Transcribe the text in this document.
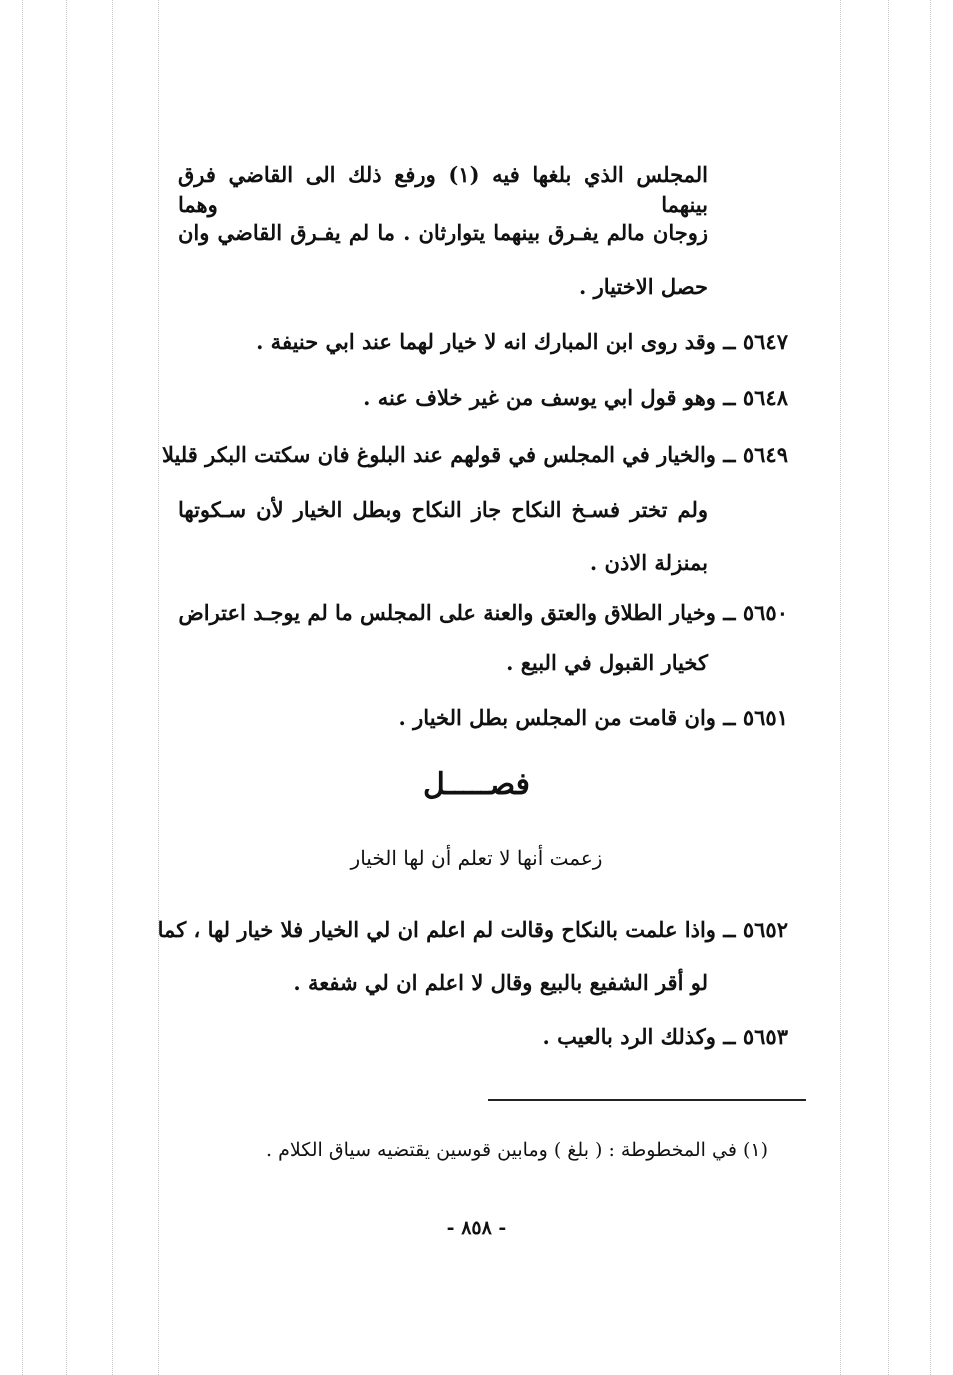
المجلس الذي بلغها فيه (١) ورفع ذلك الى القاضي فرق بينهما وهما
زوجان مالم يفـرق بينهما يتوارثان . ما لم يفـرق القاضي وان
حصل الاختيار .
٥٦٤٧ ــ وقد روى ابن المبارك انه لا خيار لهما عند ابي حنيفة .
٥٦٤٨ ــ وهو قول ابي يوسف من غير خلاف عنه .
٥٦٤٩ ــ والخيار في المجلس في قولهم عند البلوغ فان سكتت البكر قليلا
ولم تختر فسـخ النكاح جاز النكاح وبطل الخيار لأن سـكوتها
بمنزلة الاذن .
٥٦٥٠ ــ وخيار الطلاق والعتق والعنة على المجلس ما لم يوجـد اعتراض
كخيار القبول في البيع .
٥٦٥١ ــ وان قامت من المجلس بطل الخيار .
فصـــــل
زعمت أنها لا تعلم أن لها الخيار
٥٦٥٢ ــ واذا علمت بالنكاح وقالت لم اعلم ان لي الخيار فلا خيار لها ، كما
لو أقر الشفيع بالبيع وقال لا اعلم ان لي شفعة .
٥٦٥٣ ــ وكذلك الرد بالعيب .
(١) في المخطوطة : ( بلغ ) ومابين قوسين يقتضيه سياق الكلام .
- ٨٥٨ -
